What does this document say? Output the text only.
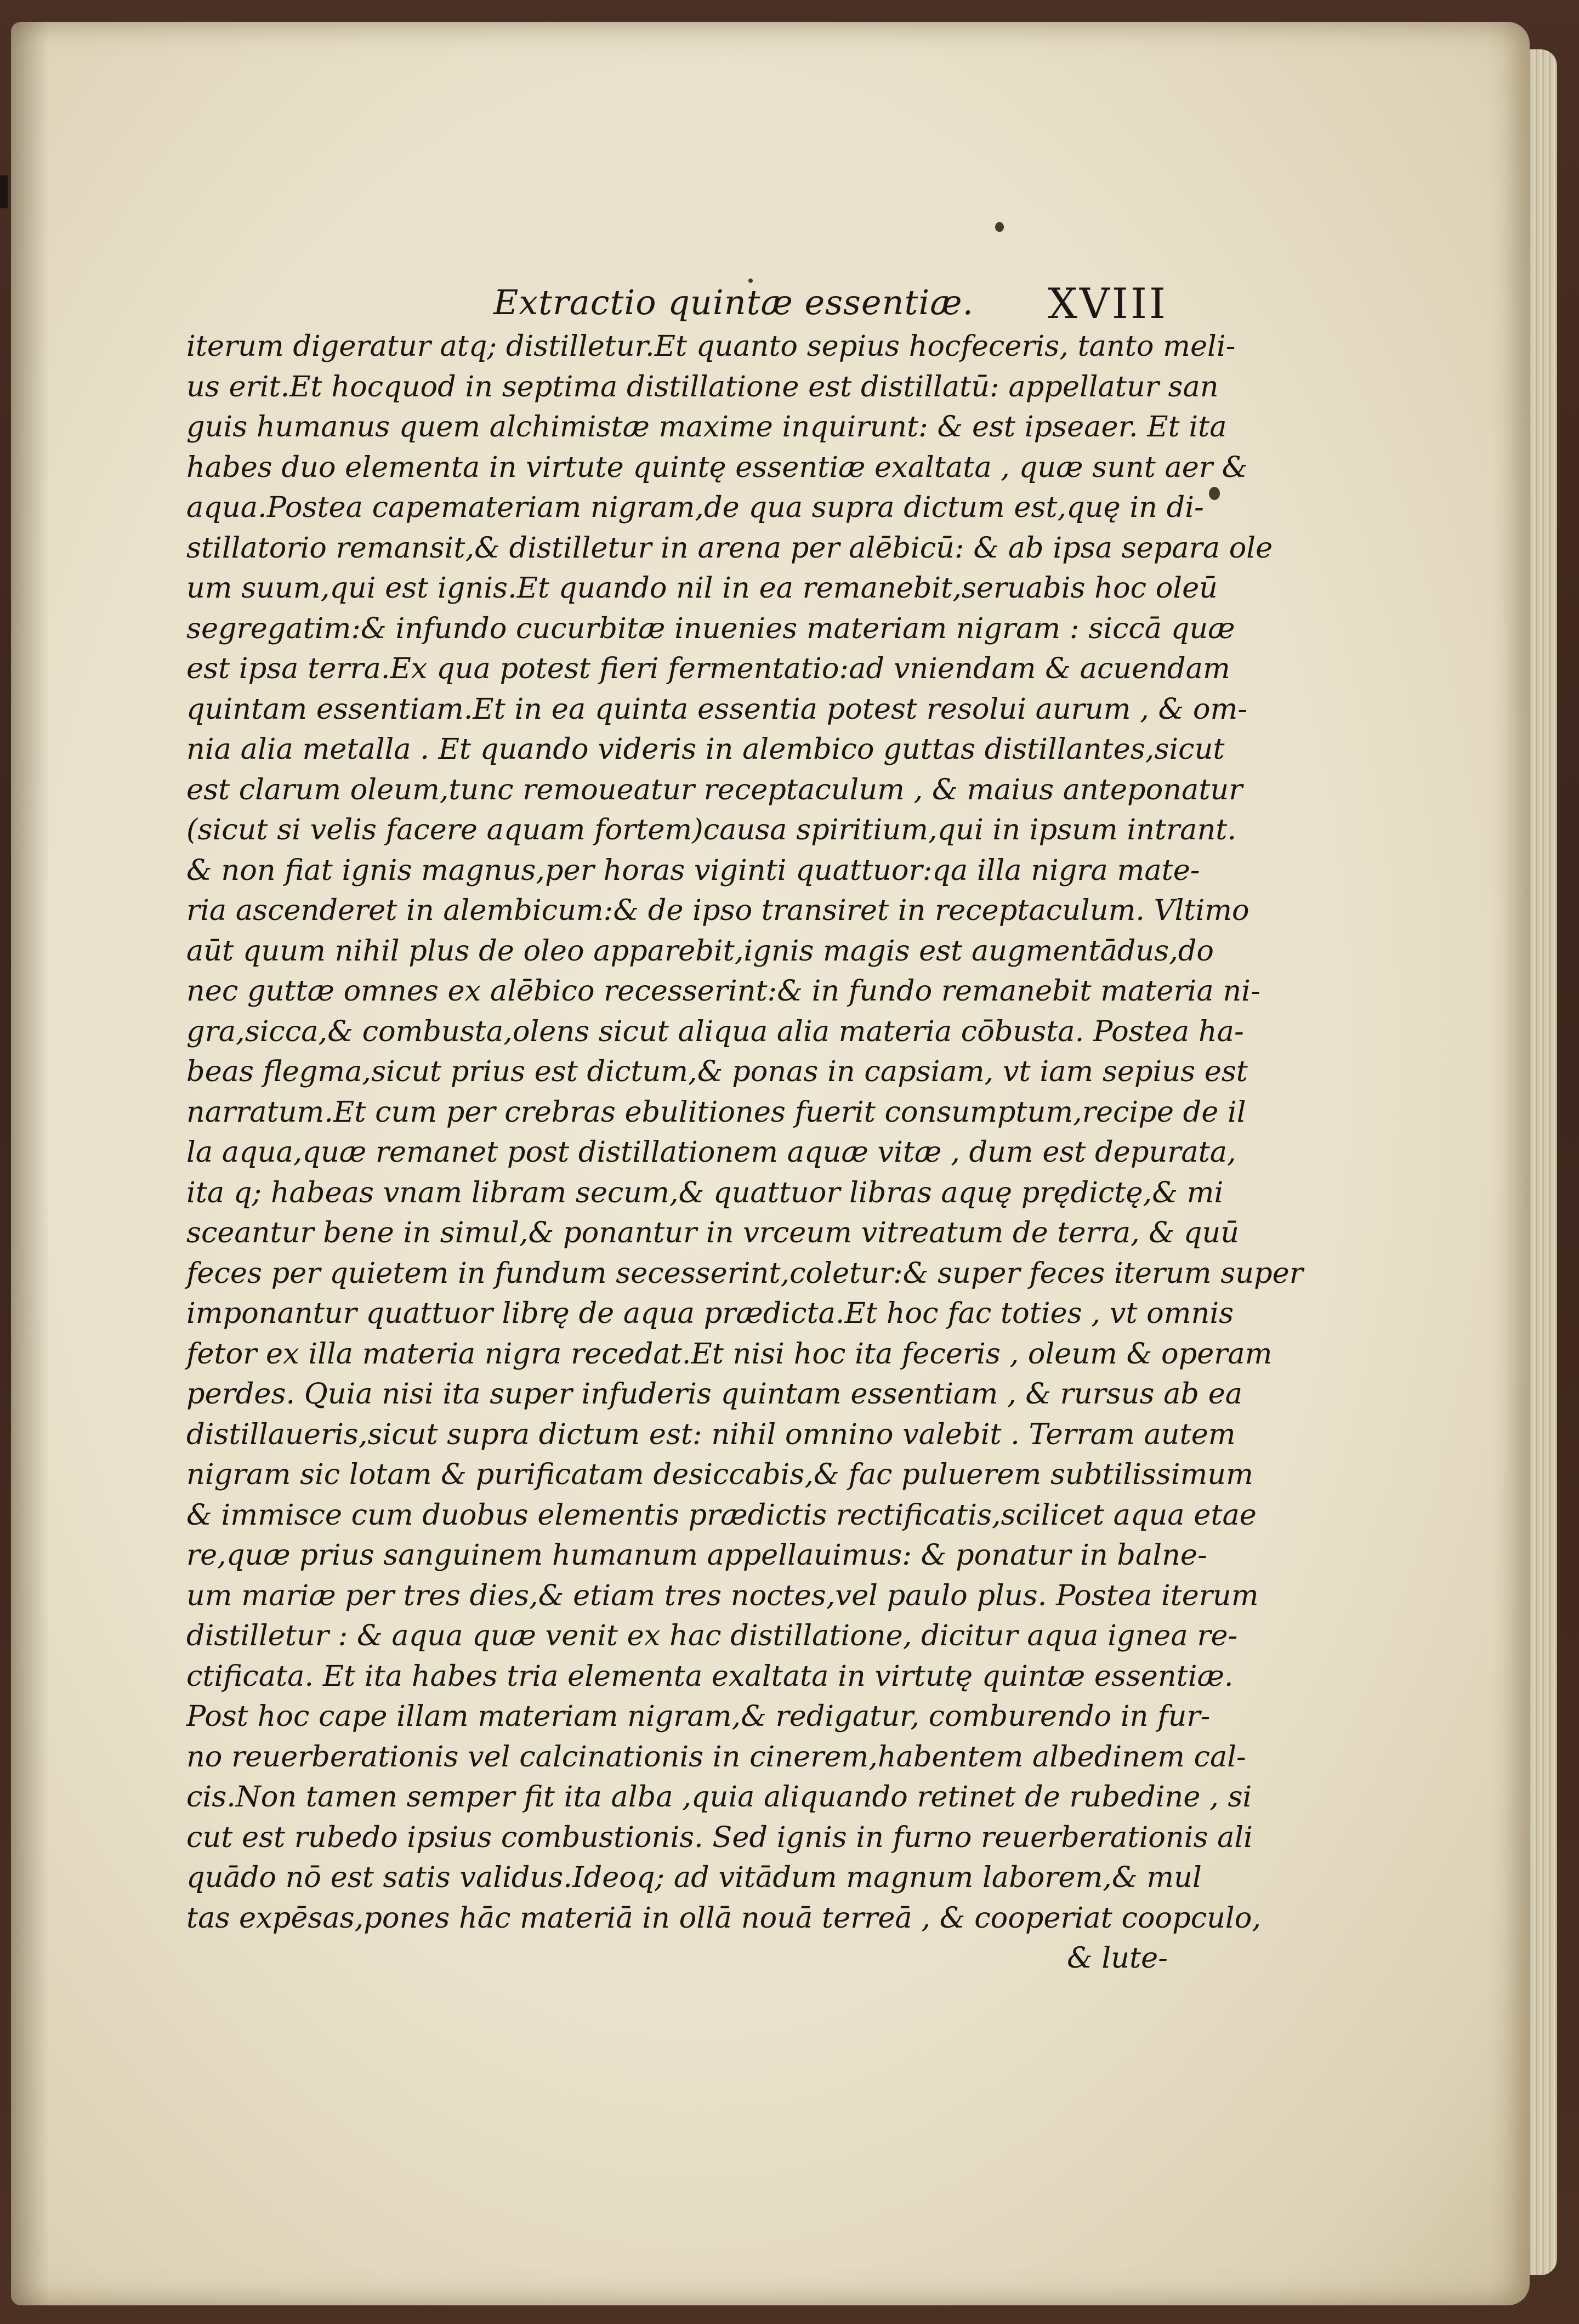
Extractio quintæ essentiæ. XVIII
iterum digeratur atq; distilletur.Et quanto sepius hocfeceris, tanto meli-
us erit.Et hocquod in septima distillatione est distillatū: appellatur san
guis humanus quem alchimistæ maxime inquirunt: & est ipseaer. Et ita
habes duo elementa in virtute quintę essentiæ exaltata , quæ sunt aer &
aqua.Postea capemateriam nigram,de qua supra dictum est,quę in di-
stillatorio remansit,& distilletur in arena per alēbicū: & ab ipsa separa ole
um suum,qui est ignis.Et quando nil in ea remanebit,seruabis hoc oleū
segregatim:& infundo cucurbitæ inuenies materiam nigram : siccā quæ
est ipsa terra.Ex qua potest fieri fermentatio:ad vniendam & acuendam
quintam essentiam.Et in ea quinta essentia potest resolui aurum , & om-
nia alia metalla . Et quando videris in alembico guttas distillantes,sicut
est clarum oleum,tunc remoueatur receptaculum , & maius anteponatur
(sicut si velis facere aquam fortem)causa spiritium,qui in ipsum intrant.
& non fiat ignis magnus,per horas viginti quattuor:qa illa nigra mate-
ria ascenderet in alembicum:& de ipso transiret in receptaculum. Vltimo
aūt quum nihil plus de oleo apparebit,ignis magis est augmentādus,do
nec guttæ omnes ex alēbico recesserint:& in fundo remanebit materia ni-
gra,sicca,& combusta,olens sicut aliqua alia materia cōbusta. Postea ha-
beas flegma,sicut prius est dictum,& ponas in capsiam, vt iam sepius est
narratum.Et cum per crebras ebulitiones fuerit consumptum,recipe de il
la aqua,quæ remanet post distillationem aquæ vitæ , dum est depurata,
ita q; habeas vnam libram secum,& quattuor libras aquę prędictę,& mi
sceantur bene in simul,& ponantur in vrceum vitreatum de terra, & quū
feces per quietem in fundum secesserint,coletur:& super feces iterum super
imponantur quattuor librę de aqua prædicta.Et hoc fac toties , vt omnis
fetor ex illa materia nigra recedat.Et nisi hoc ita feceris , oleum & operam
perdes. Quia nisi ita super infuderis quintam essentiam , & rursus ab ea
distillaueris,sicut supra dictum est: nihil omnino valebit . Terram autem
nigram sic lotam & purificatam desiccabis,& fac puluerem subtilissimum
& immisce cum duobus elementis prædictis rectificatis,scilicet aqua etae
re,quæ prius sanguinem humanum appellauimus: & ponatur in balne-
um mariæ per tres dies,& etiam tres noctes,vel paulo plus. Postea iterum
distilletur : & aqua quæ venit ex hac distillatione, dicitur aqua ignea re-
ctificata. Et ita habes tria elementa exaltata in virtutę quintæ essentiæ.
Post hoc cape illam materiam nigram,& redigatur, comburendo in fur-
no reuerberationis vel calcinationis in cinerem,habentem albedinem cal-
cis.Non tamen semper fit ita alba ,quia aliquando retinet de rubedine , si
cut est rubedo ipsius combustionis. Sed ignis in furno reuerberationis ali
quādo nō est satis validus.Ideoq; ad vitādum magnum laborem,& mul
tas expēsas,pones hāc materiā in ollā nouā terreā , & cooperiat coopculo,
& lute-
